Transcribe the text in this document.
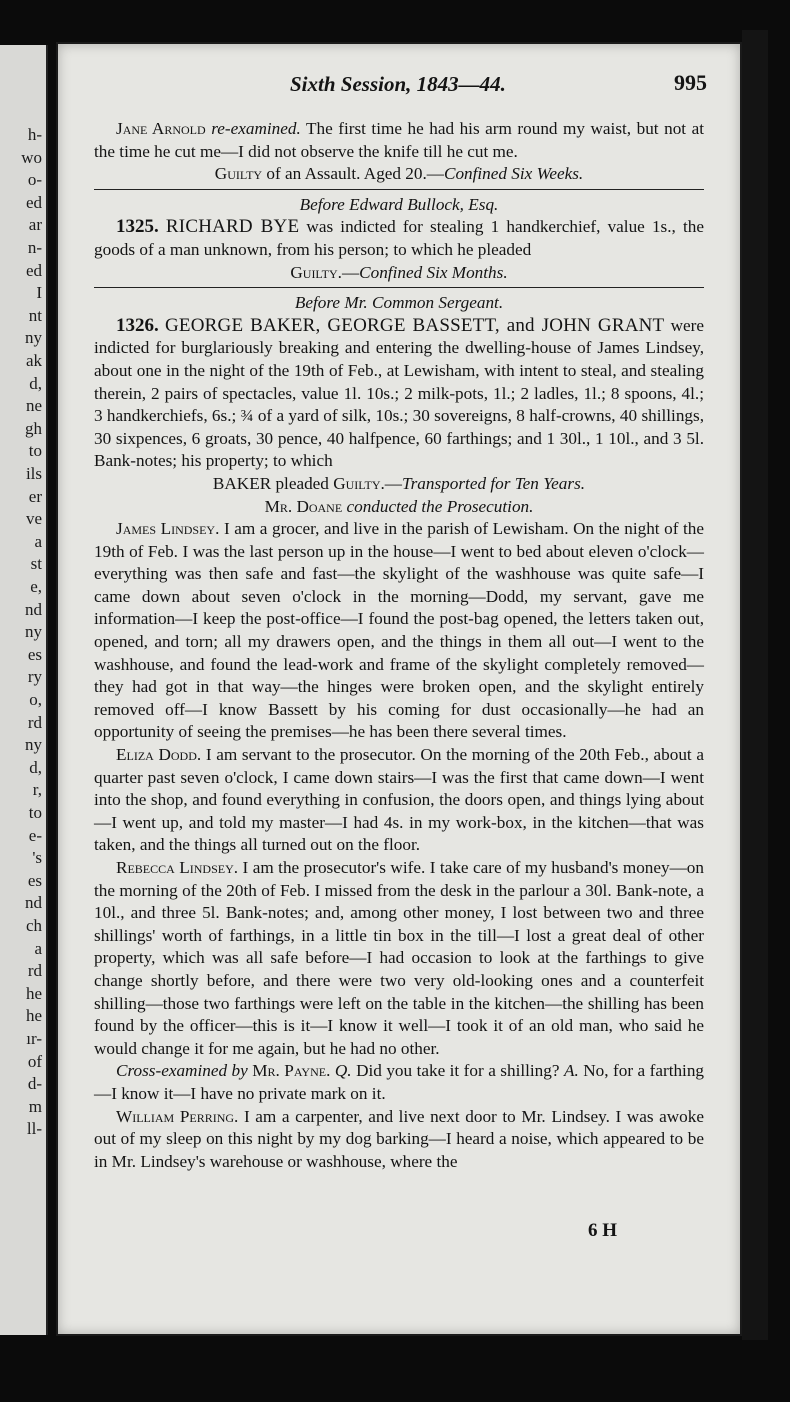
h-
wo
o-
ed
ar
n-
ed
I
nt
ny
ak
d,
ne
gh
to
ils
er
ve
a
st
e,
nd
ny
es
ry
o,
rd
ny
d,
r,
to
e-
's
es
nd
ch
a
rd
he
he
ır-
of
d-
m
ll-
Sixth Session, 1843—44.	995

Jane Arnold re-examined. The first time he had his arm round my waist, but not at the time he cut me—I did not observe the knife till he cut me.

Guilty of an Assault. Aged 20.—Confined Six Weeks.

Before Edward Bullock, Esq.

1325. RICHARD BYE was indicted for stealing 1 handkerchief, value 1s., the goods of a man unknown, from his person; to which he pleaded

Guilty.—Confined Six Months.

Before Mr. Common Sergeant.

1326. GEORGE BAKER, GEORGE BASSETT, and JOHN GRANT were indicted for burglariously breaking and entering the dwelling-house of James Lindsey, about one in the night of the 19th of Feb., at Lewisham, with intent to steal, and stealing therein, 2 pairs of spectacles, value 1l. 10s.; 2 milk-pots, 1l.; 2 ladles, 1l.; 8 spoons, 4l.; 3 handkerchiefs, 6s.; ¾ of a yard of silk, 10s.; 30 sovereigns, 8 half-crowns, 40 shillings, 30 sixpences, 6 groats, 30 pence, 40 halfpence, 60 farthings; and 1 30l., 1 10l., and 3 5l. Bank-notes; his property; to which

BAKER pleaded Guilty.—Transported for Ten Years.

Mr. Doane conducted the Prosecution.

James Lindsey. I am a grocer, and live in the parish of Lewisham. On the night of the 19th of Feb. I was the last person up in the house—I went to bed about eleven o'clock—everything was then safe and fast—the skylight of the washhouse was quite safe—I came down about seven o'clock in the morning—Dodd, my servant, gave me information—I keep the post-office—I found the post-bag opened, the letters taken out, opened, and torn; all my drawers open, and the things in them all out—I went to the washhouse, and found the lead-work and frame of the skylight completely removed—they had got in that way—the hinges were broken open, and the skylight entirely removed off—I know Bassett by his coming for dust occasionally—he had an opportunity of seeing the premises—he has been there several times.

Eliza Dodd. I am servant to the prosecutor. On the morning of the 20th Feb., about a quarter past seven o'clock, I came down stairs—I was the first that came down—I went into the shop, and found everything in confusion, the doors open, and things lying about—I went up, and told my master—I had 4s. in my work-box, in the kitchen—that was taken, and the things all turned out on the floor.

Rebecca Lindsey. I am the prosecutor's wife. I take care of my husband's money—on the morning of the 20th of Feb. I missed from the desk in the parlour a 30l. Bank-note, a 10l., and three 5l. Bank-notes; and, among other money, I lost between two and three shillings' worth of farthings, in a little tin box in the till—I lost a great deal of other property, which was all safe before—I had occasion to look at the farthings to give change shortly before, and there were two very old-looking ones and a counterfeit shilling—those two farthings were left on the table in the kitchen—the shilling has been found by the officer—this is it—I know it well—I took it of an old man, who said he would change it for me again, but he had no other.

Cross-examined by Mr. Payne. Q. Did you take it for a shilling? A. No, for a farthing—I know it—I have no private mark on it.

William Perring. I am a carpenter, and live next door to Mr. Lindsey. I was awoke out of my sleep on this night by my dog barking—I heard a noise, which appeared to be in Mr. Lindsey's warehouse or washhouse, where the

6 H
